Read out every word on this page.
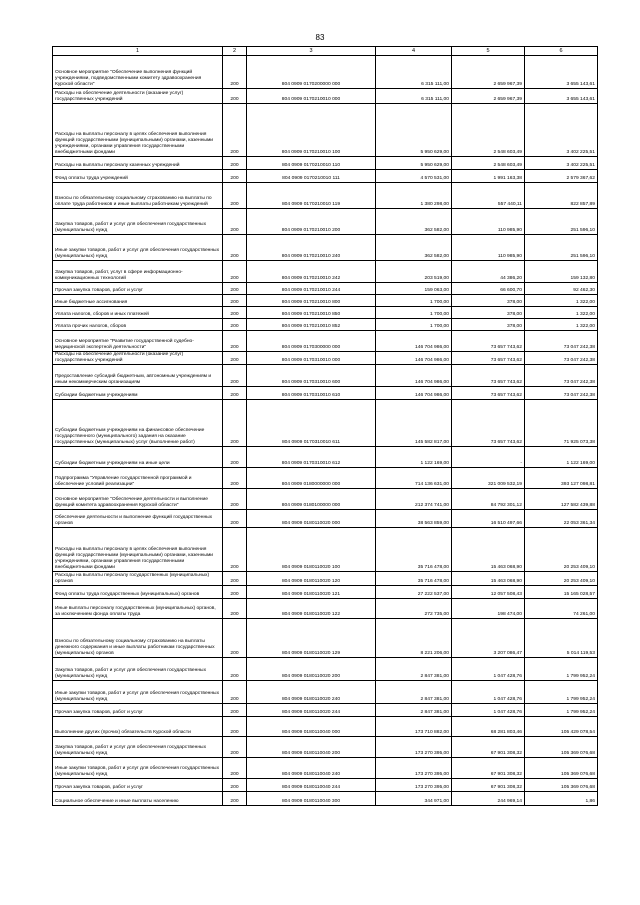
83
1	2	3	4	5	6
Основное мероприятие "Обеспечение выполнения функций учреждениями, подведомственными комитету здравоохранения Курской области"	200	804 0909 0170200000 000	6 315 111,00	2 659 967,39	3 655 143,61
Расходы на обеспечение деятельности (оказание услуг) государственных учреждений	200	804 0909 0170210010 000	6 315 111,00	2 659 967,39	3 655 143,61
Расходы на выплаты персоналу в целях обеспечения выполнения функций государственными (муниципальными) органами, казенными учреждениями, органами управления государственными внебюджетными фондами	200	804 0909 0170210010 100	5 950 629,00	2 548 603,49	3 402 225,51
Расходы на выплаты персоналу казенных учреждений	200	804 0909 0170210010 110	5 950 629,00	2 548 603,49	3 402 225,51
Фонд оплаты труда учреждений	200	804 0909 0170210010 111	4 570 531,00	1 991 163,38	2 579 367,62
Взносы по обязательному социальному страхованию на выплаты по оплате труда работников и иные выплаты работникам учреждений	200	804 0909 0170210010 119	1 380 298,00	557 440,11	822 857,89
Закупка товаров, работ и услуг для обеспечения государственных (муниципальных) нужд	200	804 0909 0170210010 200	362 582,00	110 985,90	251 596,10
Иные закупки товаров, работ и услуг для обеспечения государственных (муниципальных) нужд	200	804 0909 0170210010 240	362 582,00	110 985,90	251 596,10
Закупка товаров, работ, услуг в сфере информационно-коммуникационных технологий	200	804 0909 0170210010 242	203 519,00	44 386,20	159 132,80
Прочая закупка товаров, работ и услуг	200	804 0909 0170210010 244	159 063,00	66 600,70	92 462,30
Иные бюджетные ассигнования	200	804 0909 0170210010 800	1 700,00	378,00	1 322,00
Уплата налогов, сборов и иных платежей	200	804 0909 0170210010 850	1 700,00	378,00	1 322,00
Уплата прочих налогов, сборов	200	804 0909 0170210010 852	1 700,00	378,00	1 322,00
Основное мероприятие "Развитие государственной судебно-медицинской экспертной деятельности"	200	804 0909 0170300000 000	146 704 986,00	73 657 743,62	73 047 242,38
Расходы на обеспечение деятельности (оказание услуг) государственных учреждений	200	804 0909 0170310010 000	146 704 986,00	73 657 743,62	73 047 242,38
Предоставление субсидий бюджетным, автономным учреждениям и иным некоммерческим организациям	200	804 0909 0170310010 600	146 704 986,00	73 657 743,62	73 047 242,38
Субсидии бюджетным учреждениям	200	804 0909 0170310010 610	146 704 986,00	73 657 743,62	73 047 242,38
Субсидии бюджетным учреждениям на финансовое обеспечение государственного (муниципального) задания на оказание государственных (муниципальных) услуг (выполнение работ)	200	804 0909 0170310010 611	145 582 817,00	73 657 743,62	71 925 073,38
Субсидии бюджетным учреждениям на иные цели	200	804 0909 0170310010 612	1 122 169,00	-	1 122 169,00
Подпрограмма "Управление государственной программой и обеспечение условий реализации"	200	804 0909 0180000000 000	714 136 631,00	321 009 532,19	393 127 098,81
Основное мероприятие "Обеспечение деятельности и выполнение функций комитета здравоохранения Курской области"	200	804 0909 0180100000 000	212 374 741,00	84 792 301,12	127 582 439,88
Обеспечение деятельности и выполнение функций государственных органов	200	804 0909 0180110020 000	38 563 859,00	16 510 497,66	22 053 361,34
Расходы на выплаты персоналу в целях обеспечения выполнения функций государственными (муниципальными) органами, казенными учреждениями, органами управления государственными внебюджетными фондами	200	804 0909 0180110020 100	35 716 478,00	15 463 068,90	20 253 409,10
Расходы на выплаты персоналу государственных (муниципальных) органов	200	804 0909 0180110020 120	35 716 478,00	15 463 068,90	20 253 409,10
Фонд оплаты труда государственных (муниципальных) органов	200	804 0909 0180110020 121	27 222 537,00	12 057 508,43	15 165 028,57
Иные выплаты персоналу государственных (муниципальных) органов, за исключением фонда оплаты труда	200	804 0909 0180110020 122	272 735,00	198 474,00	74 261,00
Взносы по обязательному социальному страхованию на выплаты денежного содержания и иные выплаты работникам государственных (муниципальных) органов	200	804 0909 0180110020 129	8 221 206,00	3 207 086,47	5 014 119,53
Закупка товаров, работ и услуг для обеспечения государственных (муниципальных) нужд	200	804 0909 0180110020 200	2 847 381,00	1 047 428,76	1 799 952,24
Иные закупки товаров, работ и услуг для обеспечения государственных (муниципальных) нужд	200	804 0909 0180110020 240	2 847 381,00	1 047 428,76	1 799 952,24
Прочая закупка товаров, работ и услуг	200	804 0909 0180110020 244	2 847 381,00	1 047 428,76	1 799 952,24
Выполнение других (прочих) обязательств Курской области	200	804 0909 0180110040 000	173 710 882,00	68 281 803,46	105 429 078,54
Закупка товаров, работ и услуг для обеспечения государственных (муниципальных) нужд	200	804 0909 0180110040 200	173 270 395,00	67 901 308,32	105 369 076,68
Иные закупки товаров, работ и услуг для обеспечения государственных (муниципальных) нужд	200	804 0909 0180110040 240	173 270 395,00	67 901 308,32	105 369 076,68
Прочая закупка товаров, работ и услуг	200	804 0909 0180110040 244	173 270 395,00	67 901 308,32	105 369 076,68
Социальное обеспечение и иные выплаты населению	200	804 0909 0180110040 300	344 971,00	244 969,14	1,86
